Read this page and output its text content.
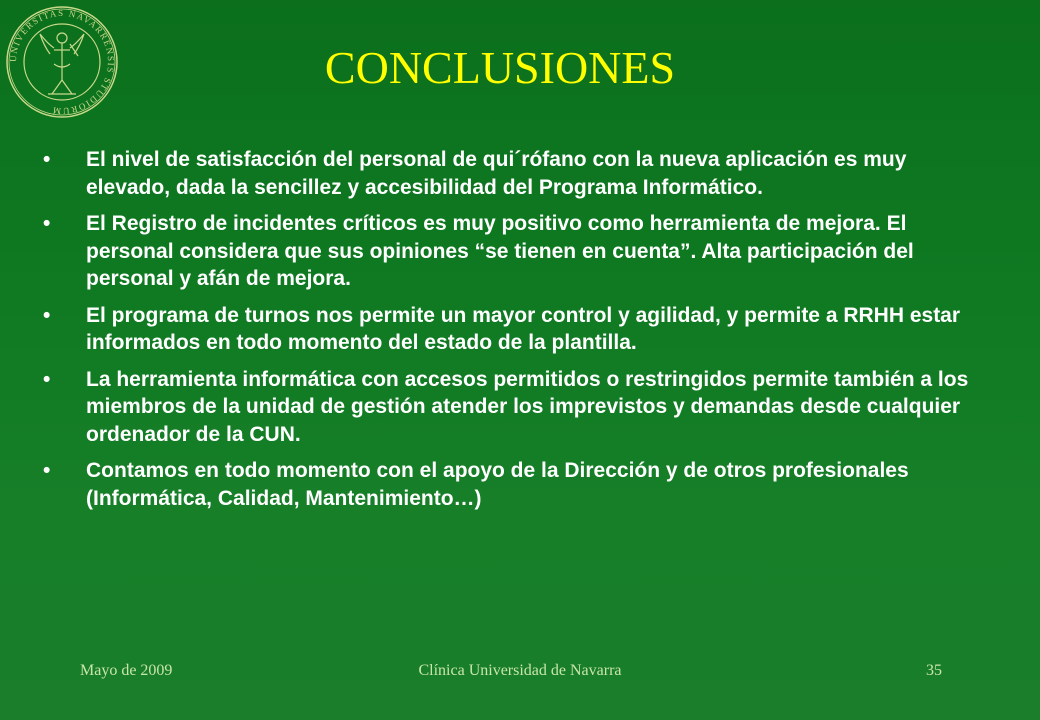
UNIVERSITAS NAVARRENSIS STUDIORUM
CONCLUSIONES
•	El nivel de satisfacción del personal de qui´rófano con la nueva aplicación es muy elevado, dada la sencillez y accesibilidad del Programa Informático.
•	El Registro de incidentes críticos es muy positivo como herramienta de mejora. El personal considera que sus opiniones “se tienen en cuenta”. Alta participación del personal y afán de mejora.
•	El programa de turnos nos permite un mayor control y agilidad, y permite a RRHH estar informados en todo momento del estado de la plantilla.
•	La herramienta informática con accesos permitidos o restringidos permite también a los miembros de la unidad de gestión atender los imprevistos y demandas desde cualquier ordenador de la CUN.
•	Contamos en todo momento con el apoyo de la Dirección y de otros profesionales (Informática, Calidad, Mantenimiento…)
Mayo de 2009	Clínica Universidad de Navarra	35
